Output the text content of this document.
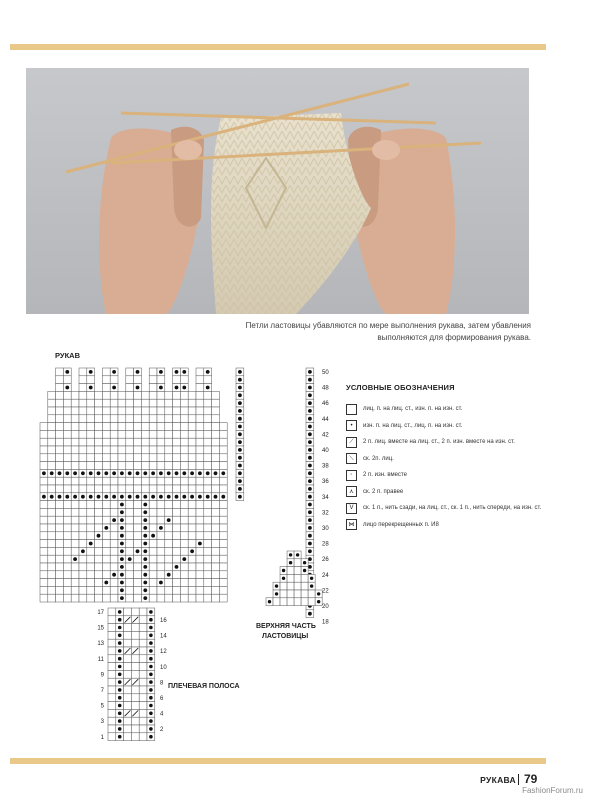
Петли ластовицы убавляются по мере выполнения рукава, затем убавления
выполняются для формирования рукава.
50
48
46
44
42
40
38
36
34
32
30
28
26
24
22
20
18
17
15
13
11
9
7
5
3
1
16
14
12
10
8
6
4
2
РУКАВ
ВЕРХНЯЯ ЧАСТЬ
ЛАСТОВИЦЫ
ПЛЕЧЕВАЯ ПОЛОСА
УСЛОВНЫЕ ОБОЗНАЧЕНИЯ
лиц. п. на лиц. ст., изн. п. на изн. ст.
•	изн. п. на лиц. ст., лиц. п. на изн. ст.
⟋	2 п. лиц. вместе на лиц. ст., 2 п. изн. вместе на изн. ст.
⟍	ск. 2п. лиц.
◦	2 п. изн. вместе
⋏	ск. 2 п. правее
V	ск. 1 п., нить сзади, на лиц. ст., ск. 1 п., нить спереди, на изн. ст.
⋈	лицо перекрещенных п. И8
РУКАВА 79
FashionForum.ru
